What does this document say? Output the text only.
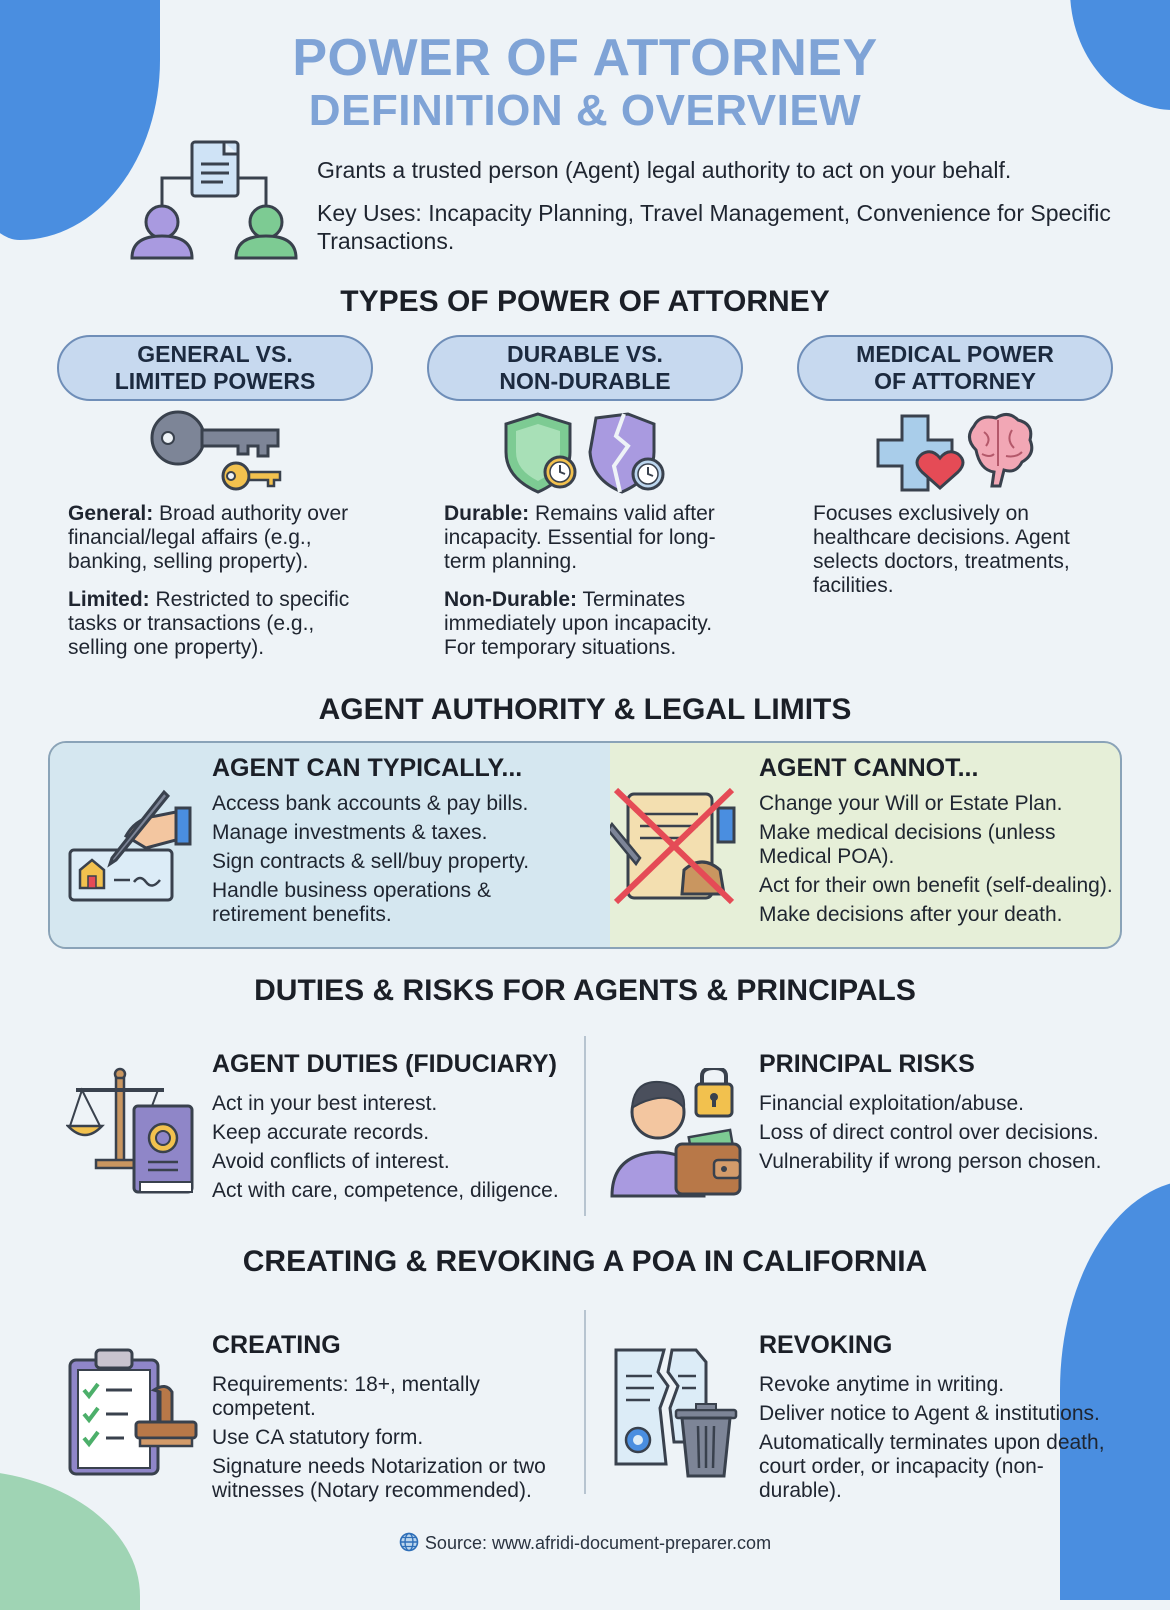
POWER OF ATTORNEY
DEFINITION & OVERVIEW

Grants a trusted person (Agent) legal authority to act on your behalf.

Key Uses: Incapacity Planning, Travel Management, Convenience for Specific Transactions.

TYPES OF POWER OF ATTORNEY
GENERAL VS.
LIMITED POWERS
DURABLE VS.
NON-DURABLE
MEDICAL POWER
OF ATTORNEY
General: Broad authority over financial/legal affairs (e.g., banking, selling property).
Limited: Restricted to specific tasks or transactions (e.g., selling one property).
Durable: Remains valid after incapacity. Essential for long-term planning.
Non-Durable: Terminates immediately upon incapacity. For temporary situations.
Focuses exclusively on healthcare decisions. Agent selects doctors, treatments, facilities.
AGENT AUTHORITY & LEGAL LIMITS
AGENT CAN TYPICALLY...
Access bank accounts & pay bills.
Manage investments & taxes.
Sign contracts & sell/buy property.
Handle business operations & retirement benefits.
AGENT CANNOT...
Change your Will or Estate Plan.
Make medical decisions (unless Medical POA).
Act for their own benefit (self-dealing).
Make decisions after your death.
DUTIES & RISKS FOR AGENTS & PRINCIPALS
AGENT DUTIES (FIDUCIARY)
Act in your best interest.
Keep accurate records.
Avoid conflicts of interest.
Act with care, competence, diligence.
PRINCIPAL RISKS
Financial exploitation/abuse.
Loss of direct control over decisions.
Vulnerability if wrong person chosen.
CREATING & REVOKING A POA IN CALIFORNIA
CREATING
Requirements: 18+, mentally competent.
Use CA statutory form.
Signature needs Notarization or two witnesses (Notary recommended).
REVOKING
Revoke anytime in writing.
Deliver notice to Agent & institutions.
Automatically terminates upon death, court order, or incapacity (non-durable).
Source: www.afridi-document-preparer.com
